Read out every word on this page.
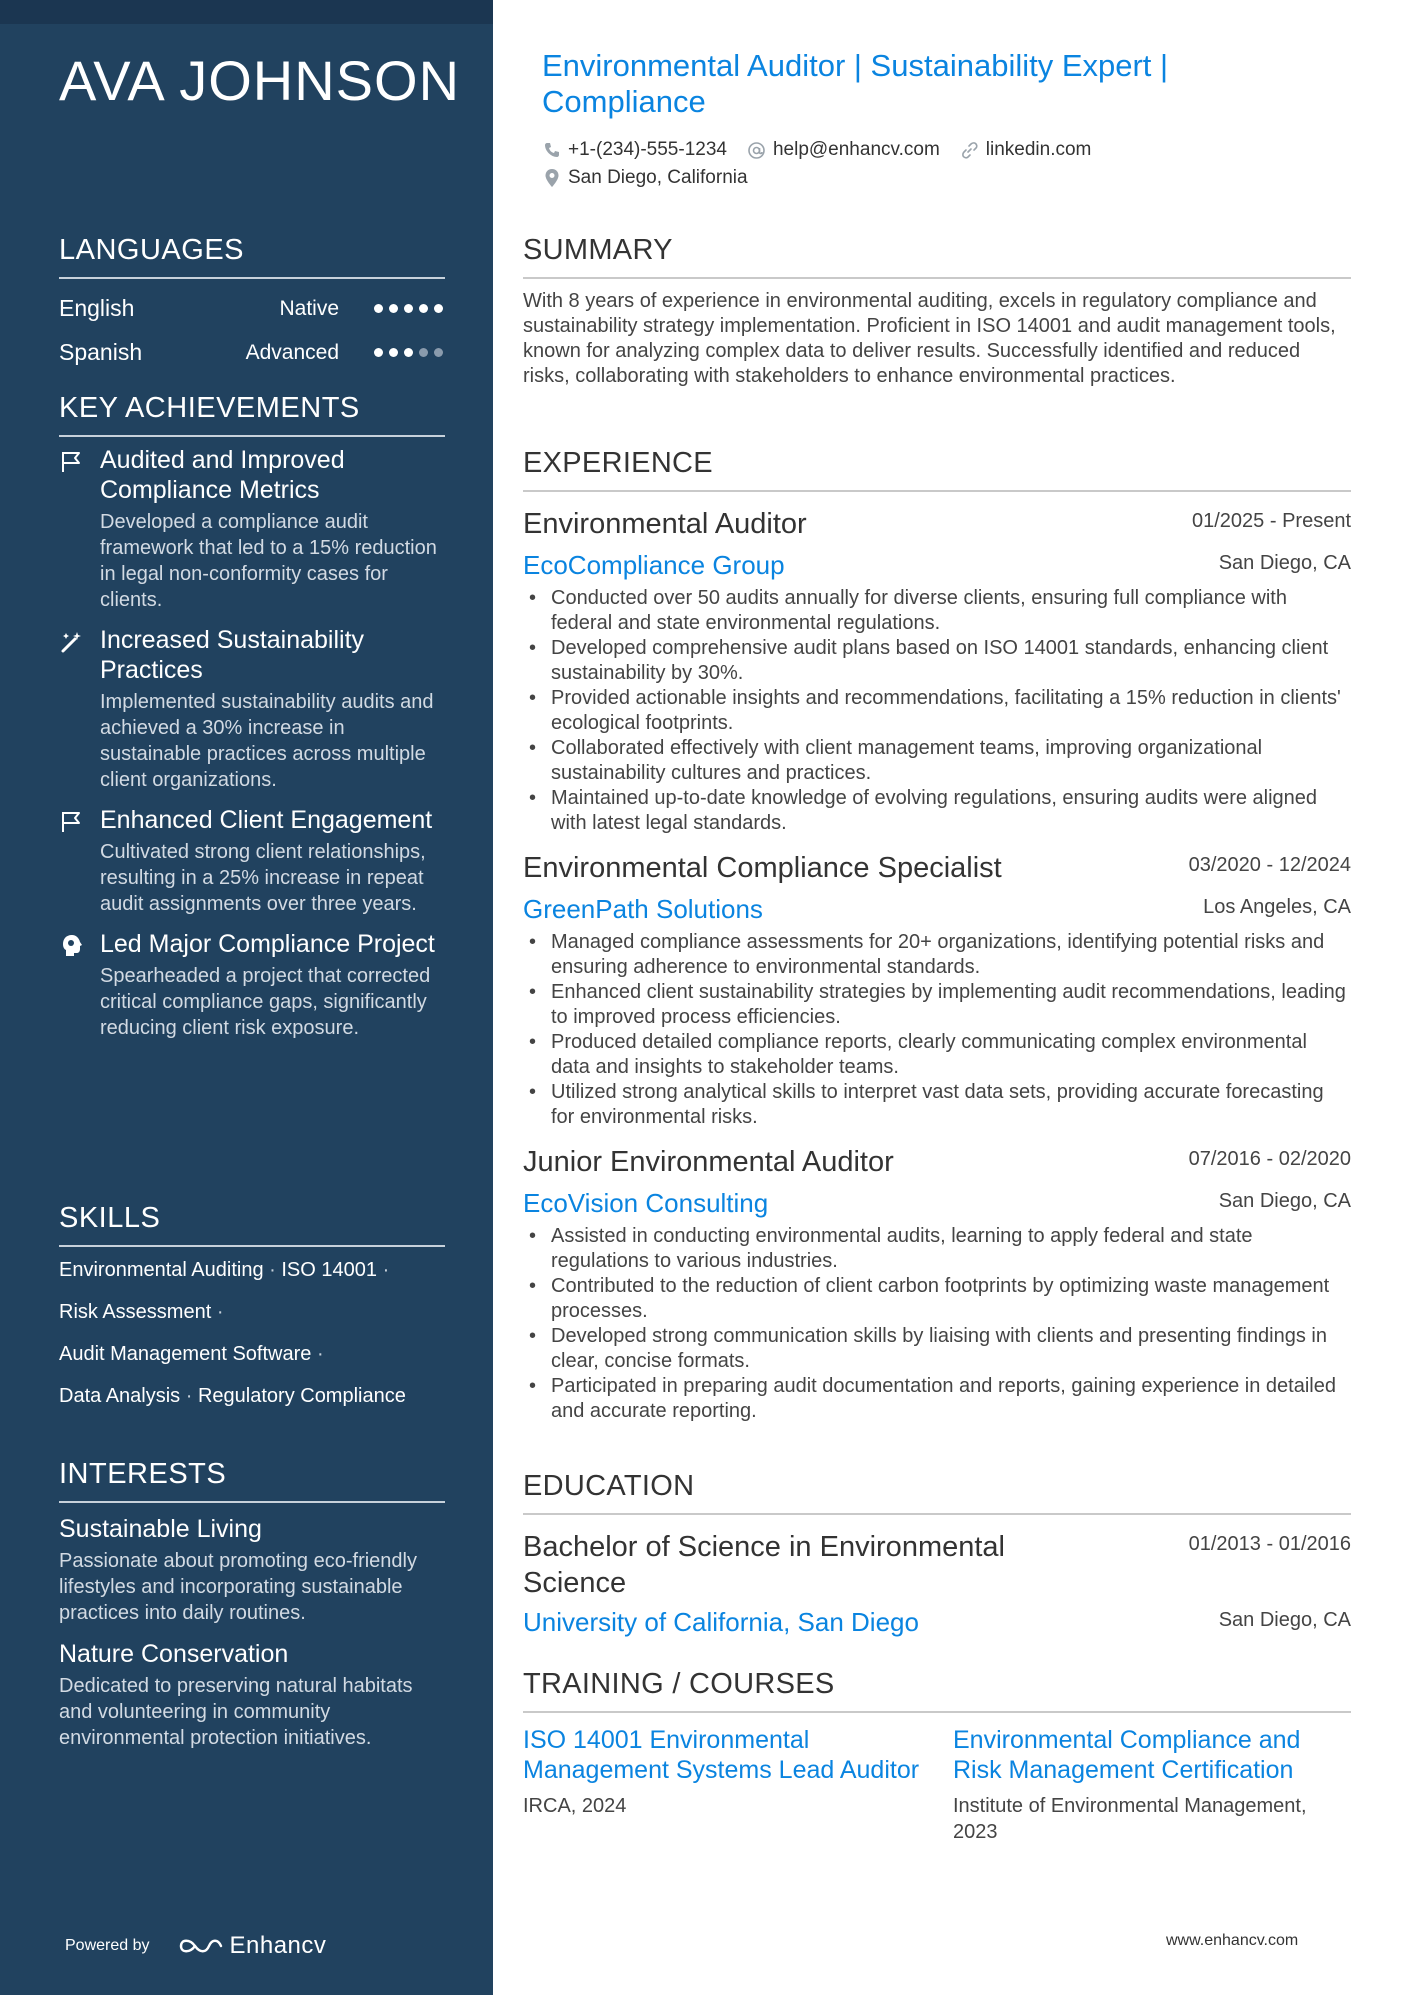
AVA JOHNSON
LANGUAGES
English	Native
Spanish	Advanced
KEY ACHIEVEMENTS
Audited and Improved Compliance Metrics
Developed a compliance audit framework that led to a 15% reduction in legal non-conformity cases for clients.
Increased Sustainability Practices
Implemented sustainability audits and achieved a 30% increase in sustainable practices across multiple client organizations.
Enhanced Client Engagement
Cultivated strong client relationships, resulting in a 25% increase in repeat audit assignments over three years.
Led Major Compliance Project
Spearheaded a project that corrected critical compliance gaps, significantly reducing client risk exposure.
SKILLS
Environmental Auditing · ISO 14001 ·
Risk Assessment ·
Audit Management Software ·
Data Analysis · Regulatory Compliance
INTERESTS
Sustainable Living
Passionate about promoting eco-friendly lifestyles and incorporating sustainable practices into daily routines.
Nature Conservation
Dedicated to preserving natural habitats and volunteering in community environmental protection initiatives.
Powered by	Enhancv
Environmental Auditor | Sustainability Expert | Compliance
+1-(234)-555-1234 help@enhancv.com linkedin.com
San Diego, California
SUMMARY
With 8 years of experience in environmental auditing, excels in regulatory compliance and sustainability strategy implementation. Proficient in ISO 14001 and audit management tools, known for analyzing complex data to deliver results. Successfully identified and reduced risks, collaborating with stakeholders to enhance environmental practices.
EXPERIENCE
Environmental Auditor	01/2025 - Present
EcoCompliance Group	San Diego, CA
• Conducted over 50 audits annually for diverse clients, ensuring full compliance with federal and state environmental regulations.
• Developed comprehensive audit plans based on ISO 14001 standards, enhancing client sustainability by 30%.
• Provided actionable insights and recommendations, facilitating a 15% reduction in clients' ecological footprints.
• Collaborated effectively with client management teams, improving organizational sustainability cultures and practices.
• Maintained up-to-date knowledge of evolving regulations, ensuring audits were aligned with latest legal standards.
Environmental Compliance Specialist	03/2020 - 12/2024
GreenPath Solutions	Los Angeles, CA
• Managed compliance assessments for 20+ organizations, identifying potential risks and ensuring adherence to environmental standards.
• Enhanced client sustainability strategies by implementing audit recommendations, leading to improved process efficiencies.
• Produced detailed compliance reports, clearly communicating complex environmental data and insights to stakeholder teams.
• Utilized strong analytical skills to interpret vast data sets, providing accurate forecasting for environmental risks.
Junior Environmental Auditor	07/2016 - 02/2020
EcoVision Consulting	San Diego, CA
• Assisted in conducting environmental audits, learning to apply federal and state regulations to various industries.
• Contributed to the reduction of client carbon footprints by optimizing waste management processes.
• Developed strong communication skills by liaising with clients and presenting findings in clear, concise formats.
• Participated in preparing audit documentation and reports, gaining experience in detailed and accurate reporting.
EDUCATION
Bachelor of Science in Environmental Science
01/2013 - 01/2016
University of California, San Diego	San Diego, CA
TRAINING / COURSES
ISO 14001 Environmental Management Systems Lead Auditor
IRCA, 2024
Environmental Compliance and Risk Management Certification
Institute of Environmental Management, 2023
www.enhancv.com
